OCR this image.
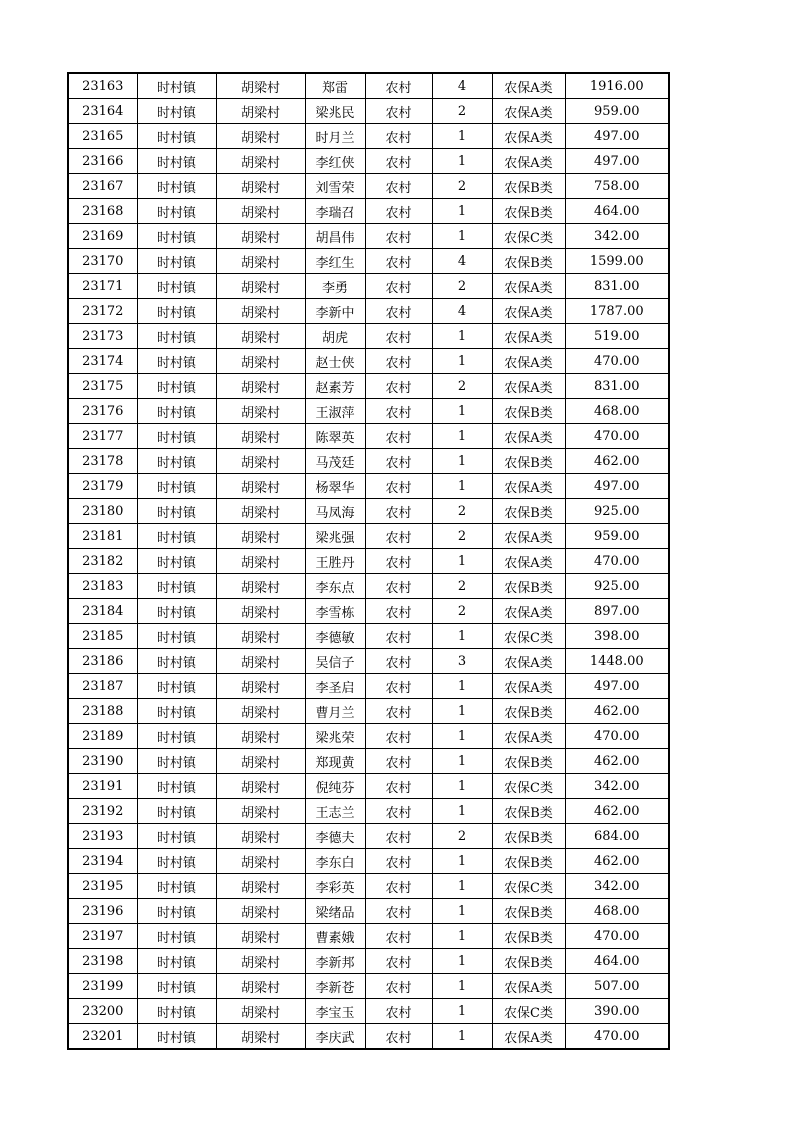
23163	时村镇	胡梁村	郑雷	农村	4	农保A类	1916.00
23164	时村镇	胡梁村	梁兆民	农村	2	农保A类	959.00
23165	时村镇	胡梁村	时月兰	农村	1	农保A类	497.00
23166	时村镇	胡梁村	李红侠	农村	1	农保A类	497.00
23167	时村镇	胡梁村	刘雪荣	农村	2	农保B类	758.00
23168	时村镇	胡梁村	李瑞召	农村	1	农保B类	464.00
23169	时村镇	胡梁村	胡昌伟	农村	1	农保C类	342.00
23170	时村镇	胡梁村	李红生	农村	4	农保B类	1599.00
23171	时村镇	胡梁村	李勇	农村	2	农保A类	831.00
23172	时村镇	胡梁村	李新中	农村	4	农保A类	1787.00
23173	时村镇	胡梁村	胡虎	农村	1	农保A类	519.00
23174	时村镇	胡梁村	赵士侠	农村	1	农保A类	470.00
23175	时村镇	胡梁村	赵素芳	农村	2	农保A类	831.00
23176	时村镇	胡梁村	王淑萍	农村	1	农保B类	468.00
23177	时村镇	胡梁村	陈翠英	农村	1	农保A类	470.00
23178	时村镇	胡梁村	马茂廷	农村	1	农保B类	462.00
23179	时村镇	胡梁村	杨翠华	农村	1	农保A类	497.00
23180	时村镇	胡梁村	马凤海	农村	2	农保B类	925.00
23181	时村镇	胡梁村	梁兆强	农村	2	农保A类	959.00
23182	时村镇	胡梁村	王胜丹	农村	1	农保A类	470.00
23183	时村镇	胡梁村	李东点	农村	2	农保B类	925.00
23184	时村镇	胡梁村	李雪栋	农村	2	农保A类	897.00
23185	时村镇	胡梁村	李德敏	农村	1	农保C类	398.00
23186	时村镇	胡梁村	吴信子	农村	3	农保A类	1448.00
23187	时村镇	胡梁村	李圣启	农村	1	农保A类	497.00
23188	时村镇	胡梁村	曹月兰	农村	1	农保B类	462.00
23189	时村镇	胡梁村	梁兆荣	农村	1	农保A类	470.00
23190	时村镇	胡梁村	郑现黄	农村	1	农保B类	462.00
23191	时村镇	胡梁村	倪纯芬	农村	1	农保C类	342.00
23192	时村镇	胡梁村	王志兰	农村	1	农保B类	462.00
23193	时村镇	胡梁村	李德夫	农村	2	农保B类	684.00
23194	时村镇	胡梁村	李东白	农村	1	农保B类	462.00
23195	时村镇	胡梁村	李彩英	农村	1	农保C类	342.00
23196	时村镇	胡梁村	梁绪品	农村	1	农保B类	468.00
23197	时村镇	胡梁村	曹素娥	农村	1	农保B类	470.00
23198	时村镇	胡梁村	李新邦	农村	1	农保B类	464.00
23199	时村镇	胡梁村	李新苍	农村	1	农保A类	507.00
23200	时村镇	胡梁村	李宝玉	农村	1	农保C类	390.00
23201	时村镇	胡梁村	李庆武	农村	1	农保A类	470.00
